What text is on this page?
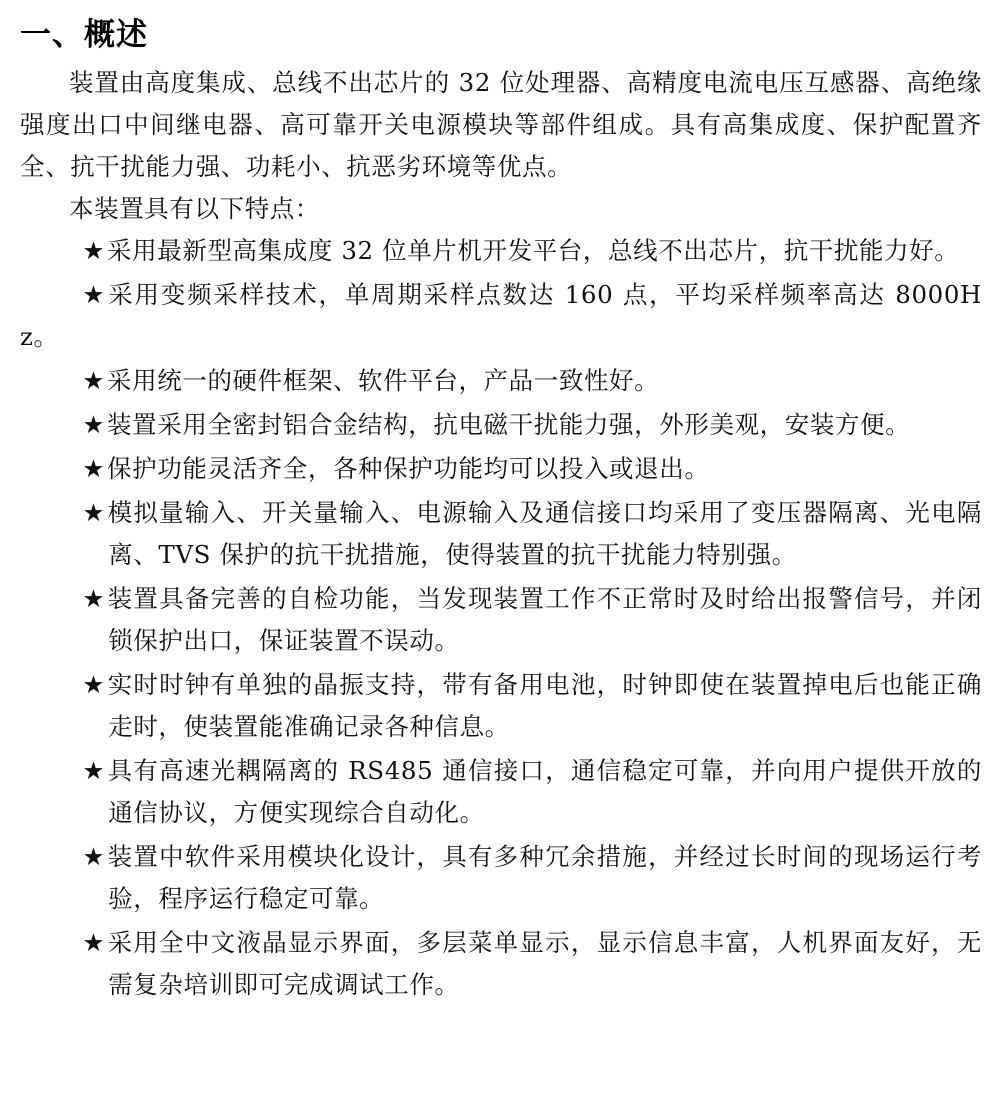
一、概述

装置由高度集成、总线不出芯片的 32 位处理器、高精度电流电压互感器、高绝缘强度出口中间继电器、高可靠开关电源模块等部件组成。具有高集成度、保护配置齐全、抗干扰能力强、功耗小、抗恶劣环境等优点。

本装置具有以下特点：

★采用最新型高集成度 32 位单片机开发平台，总线不出芯片，抗干扰能力好。
★采用变频采样技术，单周期采样点数达 160 点，平均采样频率高达 8000Hz。
★采用统一的硬件框架、软件平台，产品一致性好。
★装置采用全密封铝合金结构，抗电磁干扰能力强，外形美观，安装方便。
★保护功能灵活齐全，各种保护功能均可以投入或退出。
★模拟量输入、开关量输入、电源输入及通信接口均采用了变压器隔离、光电隔离、TVS 保护的抗干扰措施，使得装置的抗干扰能力特别强。
★装置具备完善的自检功能，当发现装置工作不正常时及时给出报警信号，并闭锁保护出口，保证装置不误动。
★实时时钟有单独的晶振支持，带有备用电池，时钟即使在装置掉电后也能正确走时，使装置能准确记录各种信息。
★具有高速光耦隔离的 RS485 通信接口，通信稳定可靠，并向用户提供开放的通信协议，方便实现综合自动化。
★装置中软件采用模块化设计，具有多种冗余措施，并经过长时间的现场运行考验，程序运行稳定可靠。
★采用全中文液晶显示界面，多层菜单显示，显示信息丰富，人机界面友好，无需复杂培训即可完成调试工作。
